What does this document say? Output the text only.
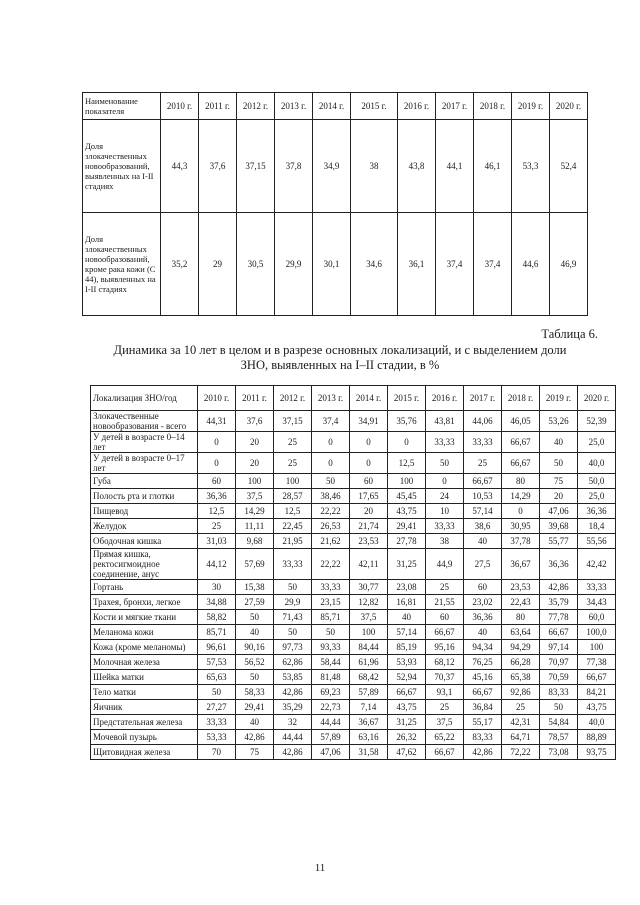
Наименование показателя	2010 г.	2011 г.	2012 г.	2013 г.	2014 г.	2015 г.	2016 г.	2017 г.	2018 г.	2019 г.	2020 г.
Доля злокачественных новообразований, выявленных на I-II стадиях	44,3	37,6	37,15	37,8	34,9	38	43,8	44,1	46,1	53,3	52,4
Доля злокачественных новообразований, кроме рака кожи (С 44), выявленных на I-II стадиях	35,2	29	30,5	29,9	30,1	34,6	36,1	37,4	37,4	44,6	46,9
Таблица 6.
Динамика за 10 лет в целом и в разрезе основных локализаций, и с выделением доли
ЗНО, выявленных на I–II стадии, в %
Локализация ЗНО/год	2010 г.	2011 г.	2012 г.	2013 г.	2014 г.	2015 г.	2016 г.	2017 г.	2018 г.	2019 г.	2020 г.
Злокачественные новообразования - всего	44,31	37,6	37,15	37,4	34,91	35,76	43,81	44,06	46,05	53,26	52,39
У детей в возрасте 0–14 лет	0	20	25	0	0	0	33,33	33,33	66,67	40	25,0
У детей в возрасте 0–17 лет	0	20	25	0	0	12,5	50	25	66,67	50	40,0
Губа	60	100	100	50	60	100	0	66,67	80	75	50,0
Полость рта и глотки	36,36	37,5	28,57	38,46	17,65	45,45	24	10,53	14,29	20	25,0
Пищевод	12,5	14,29	12,5	22,22	20	43,75	10	57,14	0	47,06	36,36
Желудок	25	11,11	22,45	26,53	21,74	29,41	33,33	38,6	30,95	39,68	18,4
Ободочная кишка	31,03	9,68	21,95	21,62	23,53	27,78	38	40	37,78	55,77	55,56
Прямая кишка, ректосигмоидное соединение, анус	44,12	57,69	33,33	22,22	42,11	31,25	44,9	27,5	36,67	36,36	42,42
Гортань	30	15,38	50	33,33	30,77	23,08	25	60	23,53	42,86	33,33
Трахея, бронхи, легкое	34,88	27,59	29,9	23,15	12,82	16,81	21,55	23,02	22,43	35,79	34,43
Кости и мягкие ткани	58,82	50	71,43	85,71	37,5	40	60	36,36	80	77,78	60,0
Меланома кожи	85,71	40	50	50	100	57,14	66,67	40	63,64	66,67	100,0
Кожа (кроме меланомы)	96,61	90,16	97,73	93,33	84,44	85,19	95,16	94,34	94,29	97,14	100
Молочная железа	57,53	56,52	62,86	58,44	61,96	53,93	68,12	76,25	66,28	70,97	77,38
Шейка матки	65,63	50	53,85	81,48	68,42	52,94	70,37	45,16	65,38	70,59	66,67
Тело матки	50	58,33	42,86	69,23	57,89	66,67	93,1	66,67	92,86	83,33	84,21
Яичник	27,27	29,41	35,29	22,73	7,14	43,75	25	36,84	25	50	43,75
Предстательная железа	33,33	40	32	44,44	36,67	31,25	37,5	55,17	42,31	54,84	40,0
Мочевой пузырь	53,33	42,86	44,44	57,89	63,16	26,32	65,22	83,33	64,71	78,57	88,89
Щитовидная железа	70	75	42,86	47,06	31,58	47,62	66,67	42,86	72,22	73,08	93,75
11
